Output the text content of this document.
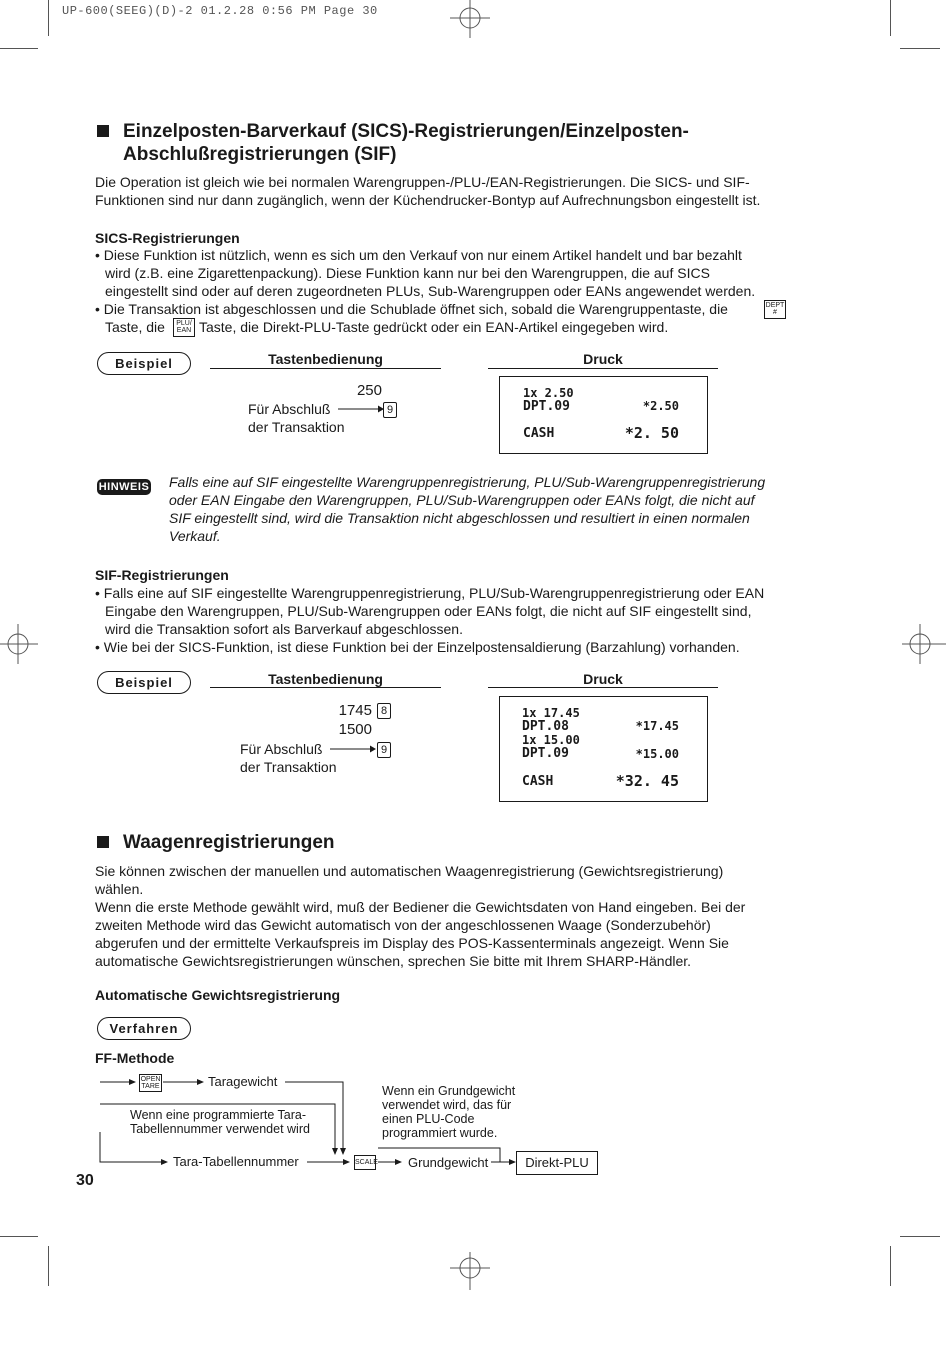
UP-600(SEEG)(D)-2 01.2.28 0:56 PM Page 30
Einzelposten-Barverkauf (SICS)-Registrierungen/Einzelposten-
Abschlußregistrierungen (SIF)
Die Operation ist gleich wie bei normalen Warengruppen-/PLU-/EAN-Registrierungen. Die SICS- und SIF-
Funktionen sind nur dann zugänglich, wenn der Küchendrucker-Bontyp auf Aufrechnungsbon eingestellt ist.
SICS-Registrierungen
• Diese Funktion ist nützlich, wenn es sich um den Verkauf von nur einem Artikel handelt und bar bezahlt
wird (z.B. eine Zigarettenpackung). Diese Funktion kann nur bei den Warengruppen, die auf SICS
eingestellt sind oder auf deren zugeordneten PLUs, Sub-Warengruppen oder EANs angewendet werden.
• Die Transaktion ist abgeschlossen und die Schublade öffnet sich, sobald die Warengruppentaste, die	DEPT
#
Taste, die	PLU/
EAN Taste, die Direkt-PLU-Taste gedrückt oder ein EAN-Artikel eingegeben wird.
Beispiel	Tastenbedienung	Druck
250
Für Abschluß
der Transaktion
9
1x 2.50
DPT.09	*2.50
CASH	*2. 50
HINWEIS Falls eine auf SIF eingestellte Warengruppenregistrierung, PLU/Sub-Warengruppenregistrierung
oder EAN Eingabe den Warengruppen, PLU/Sub-Warengruppen oder EANs folgt, die nicht auf
SIF eingestellt sind, wird die Transaktion nicht abgeschlossen und resultiert in einen normalen
Verkauf.
SIF-Registrierungen
• Falls eine auf SIF eingestellte Warengruppenregistrierung, PLU/Sub-Warengruppenregistrierung oder EAN
Eingabe den Warengruppen, PLU/Sub-Warengruppen oder EANs folgt, die nicht auf SIF eingestellt sind,
wird die Transaktion sofort als Barverkauf abgeschlossen.
• Wie bei der SICS-Funktion, ist diese Funktion bei der Einzelpostensaldierung (Barzahlung) vorhanden.
Beispiel	Tastenbedienung	Druck
1745 8
1500
Für Abschluß
der Transaktion
9
1x 17.45
DPT.08	*17.45
1x 15.00
DPT.09	*15.00
CASH	*32. 45
Waagenregistrierungen
Sie können zwischen der manuellen und automatischen Waagenregistrierung (Gewichtsregistrierung)
wählen.
Wenn die erste Methode gewählt wird, muß der Bediener die Gewichtsdaten von Hand eingeben. Bei der
zweiten Methode wird das Gewicht automatisch von der angeschlossenen Waage (Sonderzubehör)
abgerufen und der ermittelte Verkaufspreis im Display des POS-Kassenterminals angezeigt. Wenn Sie
automatische Gewichtsregistrierungen wünschen, sprechen Sie bitte mit Ihrem SHARP-Händler.
Automatische Gewichtsregistrierung
Verfahren
FF-Methode
OPEN
TARE	Taragewicht
Wenn eine programmierte Tara-
Tabellennummer verwendet wird
Tara-Tabellennummer	SCALE
Wenn ein Grundgewicht
verwendet wird, das für
einen PLU-Code
programmiert wurde.
Grundgewicht	Direkt-PLU
30
